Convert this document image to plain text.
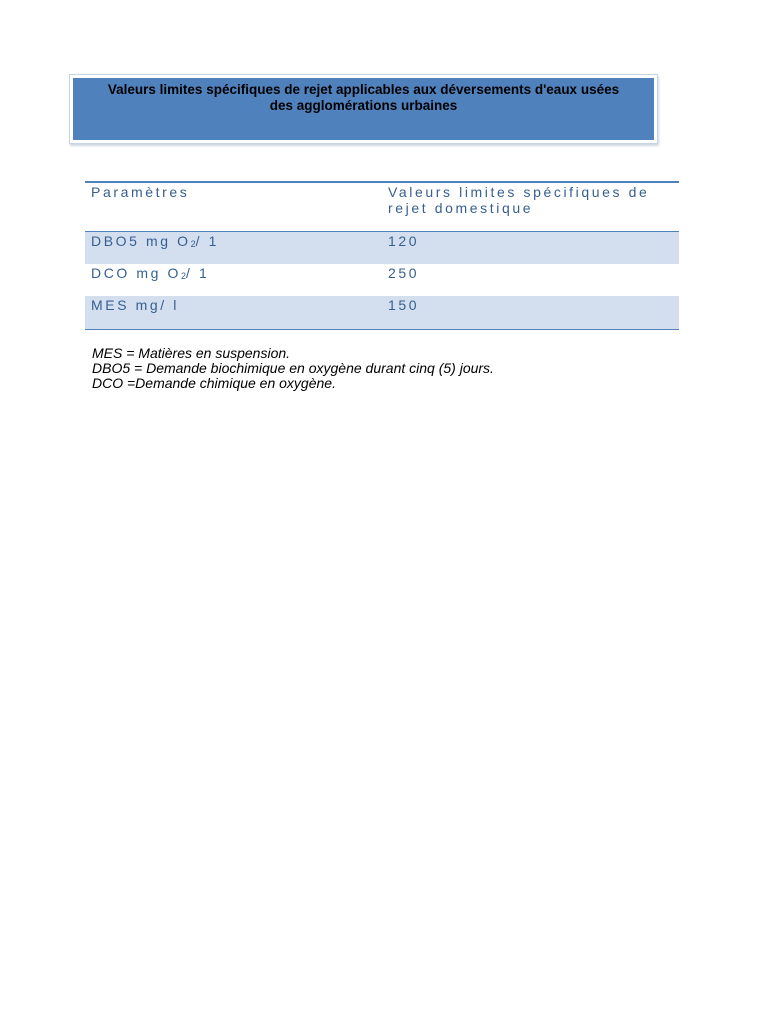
Valeurs limites spécifiques de rejet applicables aux déversements d'eaux usées
des agglomérations urbaines

Paramètres	Valeurs limites spécifiques de rejet domestique
DBO5 mg $O_2/$ 1	120
DCO mg $O_2/$ 1	250
MES mg/ l	150

MES = Matières en suspension.

DBO5 = Demande biochimique en oxygène durant cinq (5) jours.

DCO =Demande chimique en oxygène.
